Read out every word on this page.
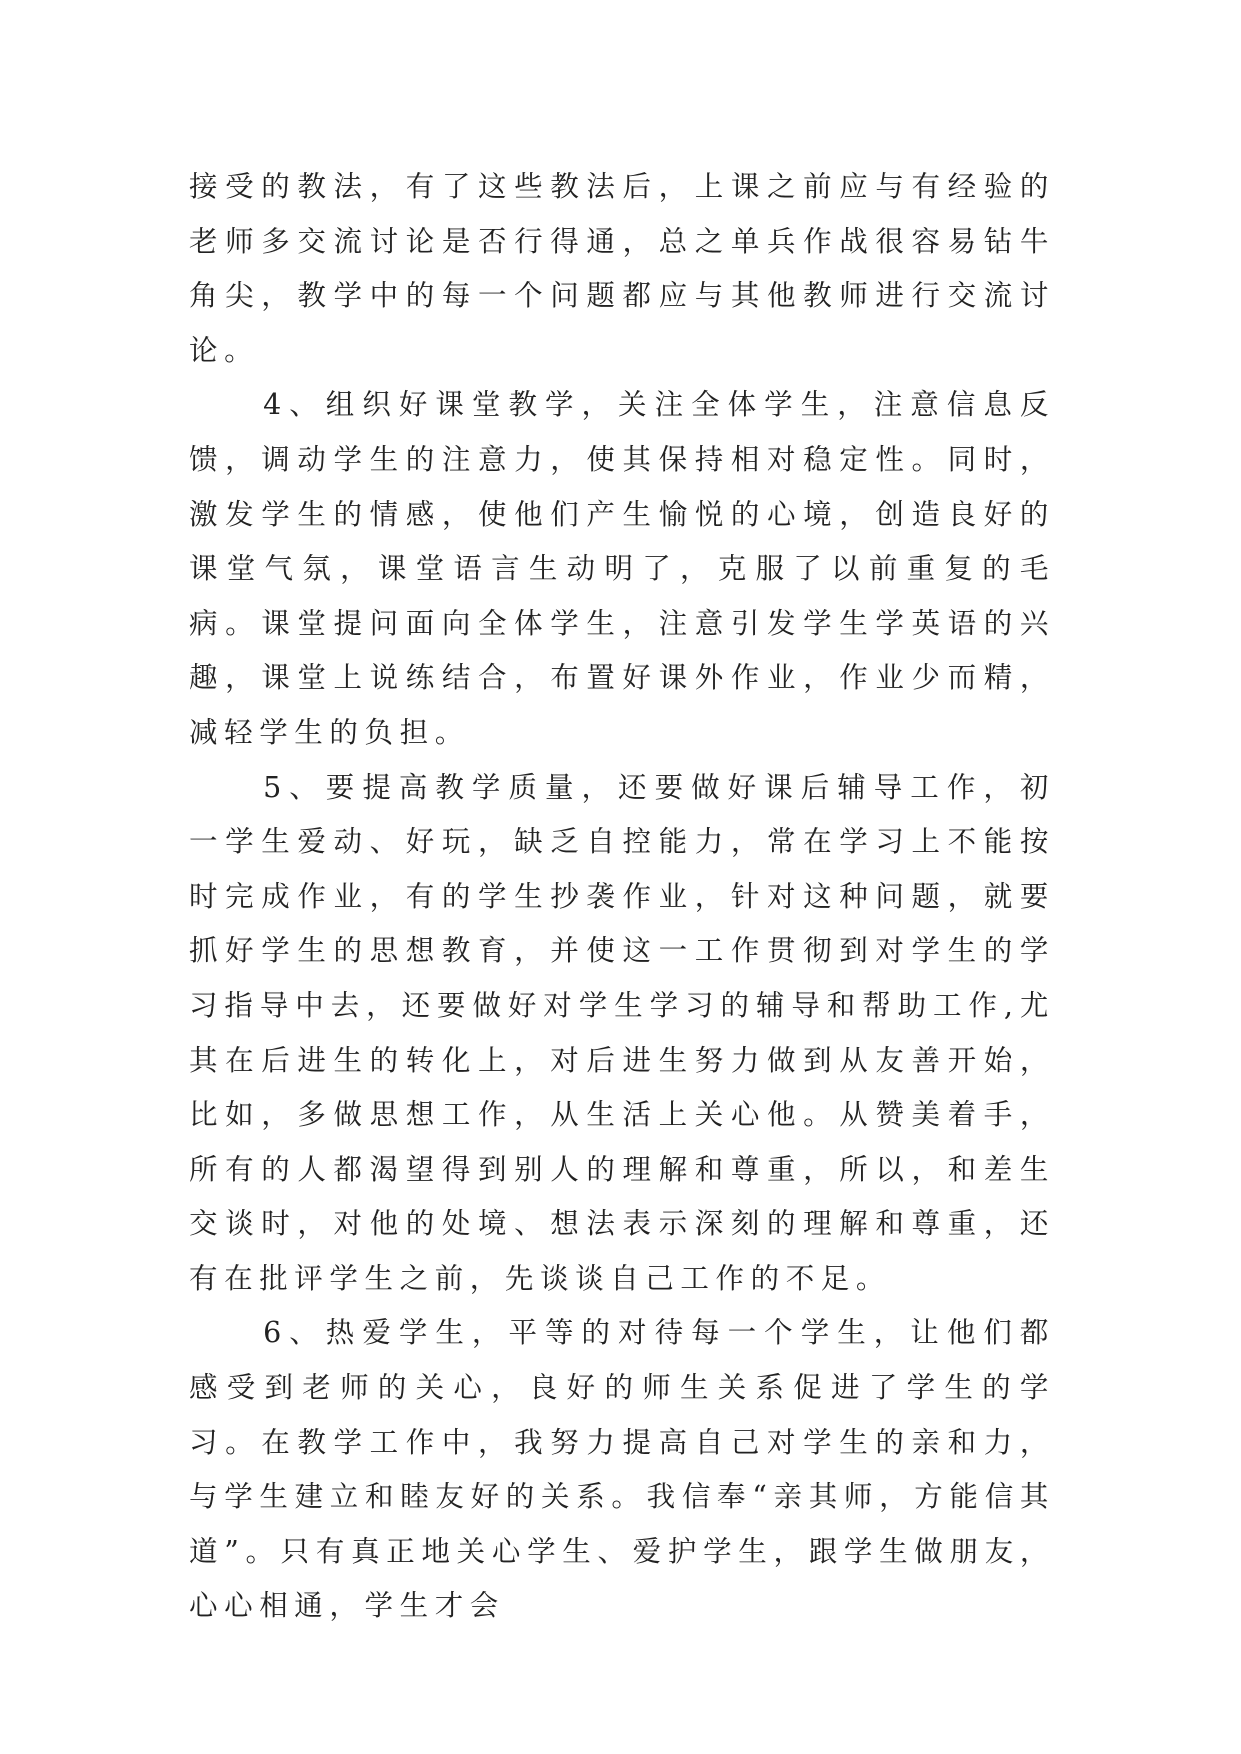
接受的教法，有了这些教法后，上课之前应与有经验的老师多交流讨论是否行得通，总之单兵作战很容易钻牛角尖，教学中的每一个问题都应与其他教师进行交流讨论。

4、组织好课堂教学，关注全体学生，注意信息反馈，调动学生的注意力，使其保持相对稳定性。同时，激发学生的情感，使他们产生愉悦的心境，创造良好的课堂气氛，课堂语言生动明了，克服了以前重复的毛病。课堂提问面向全体学生，注意引发学生学英语的兴趣，课堂上说练结合，布置好课外作业，作业少而精，减轻学生的负担。

5、要提高教学质量，还要做好课后辅导工作，初一学生爱动、好玩，缺乏自控能力，常在学习上不能按时完成作业，有的学生抄袭作业，针对这种问题，就要抓好学生的思想教育，并使这一工作贯彻到对学生的学习指导中去，还要做好对学生学习的辅导和帮助工作,尤其在后进生的转化上，对后进生努力做到从友善开始，比如，多做思想工作，从生活上关心他。从赞美着手，所有的人都渴望得到别人的理解和尊重，所以，和差生交谈时，对他的处境、想法表示深刻的理解和尊重，还有在批评学生之前，先谈谈自己工作的不足。

6、热爱学生，平等的对待每一个学生，让他们都感受到老师的关心，良好的师生关系促进了学生的学习。在教学工作中，我努力提高自己对学生的亲和力，与学生建立和睦友好的关系。我信奉“亲其师，方能信其道”。只有真正地关心学生、爱护学生，跟学生做朋友，心心相通，学生才会
